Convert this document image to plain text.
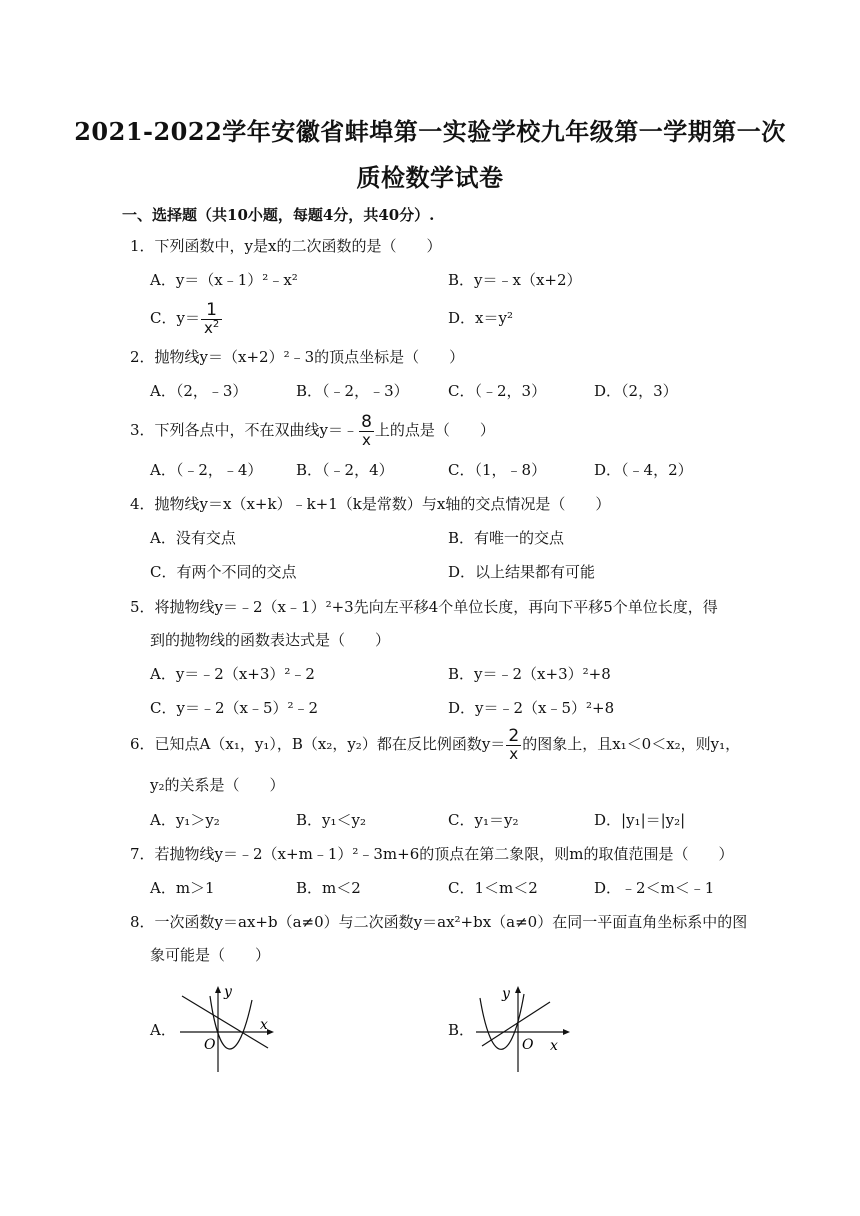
2021-2022学年安徽省蚌埠第一实验学校九年级第一学期第一次
质检数学试卷
一、选择题（共10小题，每题4分，共40分）.
1．下列函数中，y是x的二次函数的是（　　）
A．y＝（x﹣1）²﹣x²	B．y＝﹣x（x+2）
C．$y= \frac{1}{x^2}$	D．x＝y²
2．抛物线y＝（x+2）²﹣3的顶点坐标是（　　）
A．（2，﹣3）	B．（﹣2，﹣3）	C．（﹣2，3）	D．（2，3）
3．下列各点中，不在双曲线y＝﹣ $\frac{8}{x}$ 上的点是（　　）
A．（﹣2，﹣4） B．（﹣2，4）	C．（1，﹣8）	D．（﹣4，2）
4．抛物线y＝x（x+k）﹣k+1（k是常数）与x轴的交点情况是（　　）
A．没有交点	B．有唯一的交点
C．有两个不同的交点	D．以上结果都有可能
5．将抛物线y＝﹣2（x﹣1）²+3先向左平移4个单位长度，再向下平移5个单位长度，得
到的抛物线的函数表达式是（　　）
A．y＝﹣2（x+3）²﹣2	B．y＝﹣2（x+3）²+8
C．y＝﹣2（x﹣5）²﹣2	D．y＝﹣2（x﹣5）²+8
6．已知点A（x₁，y₁），B（x₂，y₂）都在反比例函数$y= \frac{2}{x}$ 的图象上，且x₁＜0＜x₂，则y₁，
y₂的关系是（　　）
A．y₁＞y₂	B．y₁＜y₂	C．y₁＝y₂	D．|y₁|＝|y₂|
7．若抛物线y＝﹣2（x+m﹣1）²﹣3m+6的顶点在第二象限，则m的取值范围是（　　）
A．m＞1	B．m＜2	C．1＜m＜2	D．﹣2＜m＜﹣1
8．一次函数y＝ax+b（a≠0）与二次函数y＝ax²+bx（a≠0）在同一平面直角坐标系中的图
象可能是（　　）
A．
y
x
O
B．
y
x
O
